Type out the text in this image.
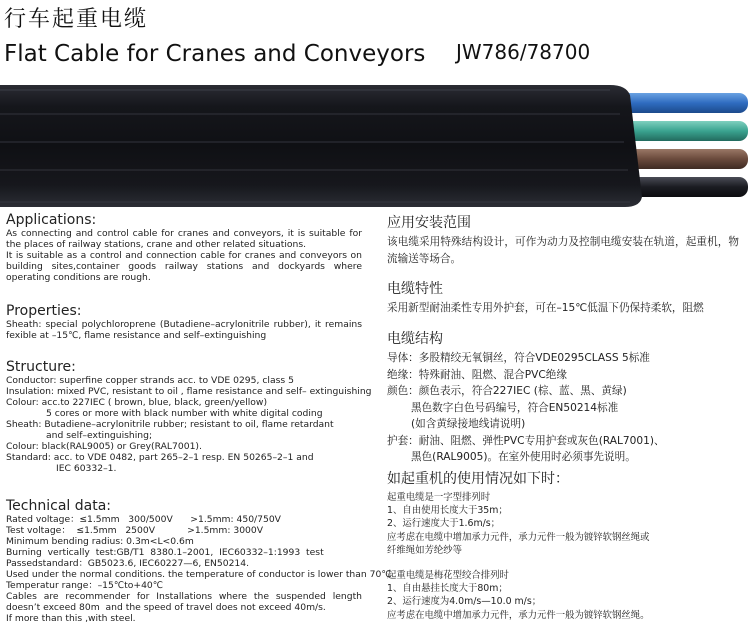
行车起重电缆
Flat Cable for Cranes and Conveyors JW786/78700
Applications:
As connecting and control cable for cranes and conveyors, it is suitable for the places of railway stations, crane and other related situations.
It is suitable as a control and connection cable for cranes and conveyors on building sites,container goods railway stations and dockyards where operating conditions are rough.
Properties:
Sheath: special polychloroprene (Butadiene–acrylonitrile rubber), it remains fexible at –15℃, flame resistance and self–extinguishing
Structure:
Conductor: superfine copper strands acc. to VDE 0295, class 5
Insulation: mixed PVC, resistant to oil , flame resistance and self– extinguishing
Colour: acc.to 227IEC ( brown, blue, black, green/yellow)
5 cores or more with black number with white digital coding
Sheath: Butadiene–acrylonitrile rubber; resistant to oil, flame retardant
and self–extinguishing;
Colour: black(RAL9005) or Grey(RAL7001).
Standard: acc. to VDE 0482, part 265–2–1 resp. EN 50265–2–1 and
IEC 60332–1.
Technical data:
Rated voltage：≤1.5mm   300/500V      >1.5mm: 450/750V
Test voltage：  ≤1.5mm   2500V           >1.5mm: 3000V
Minimum bending radius: 0.3m<L<0.6m
Burning  vertically  test:GB/T1  8380.1–2001,  IEC60332–1:1993  test
Passedstandard：GB5023.6, IEC60227—6, EN50214.
Used under the normal conditions. the temperature of conductor is lower than 70℃
Temperatur range：–15℃to+40℃
Cables  are  recommender  for  Installations  where  the  suspended  length doesn’t exceed 80m  and the speed of travel does not exceed 40m/s.
If more than this ,with steel.
应用安装范围
该电缆采用特殊结构设计，可作为动力及控制电缆安装在轨道，起重机，物流输送等场合。
电缆特性
采用新型耐油柔性专用外护套，可在–15℃低温下仍保持柔软，阻燃
电缆结构
导体：多股精绞无氧铜丝，符合VDE0295CLASS 5标准
绝缘：特殊耐油、阻燃、混合PVC绝缘
颜色：颜色表示，符合227IEC (棕、蓝、黑、黄绿)
黑色数字白色号码编号，符合EN50214标准
(如含黄绿接地线请说明)
护套：耐油、阻燃、弹性PVC专用护套或灰色(RAL7001)、
黑色(RAL9005)。在室外使用时必须事先说明。
如起重机的使用情况如下时：
起重电缆是一字型排列时
1、自由使用长度大于35m；
2、运行速度大于1.6m/s；
应考虑在电缆中增加承力元件，承力元件一般为镀锌软钢丝绳或
纤维绳如芳纶纱等
起重电缆是梅花型绞合排列时
1、自由悬挂长度大于80m；
2、运行速度为4.0m/s—10.0 m/s；
应考虑在电缆中增加承力元件，承力元件一般为镀锌软钢丝绳。
